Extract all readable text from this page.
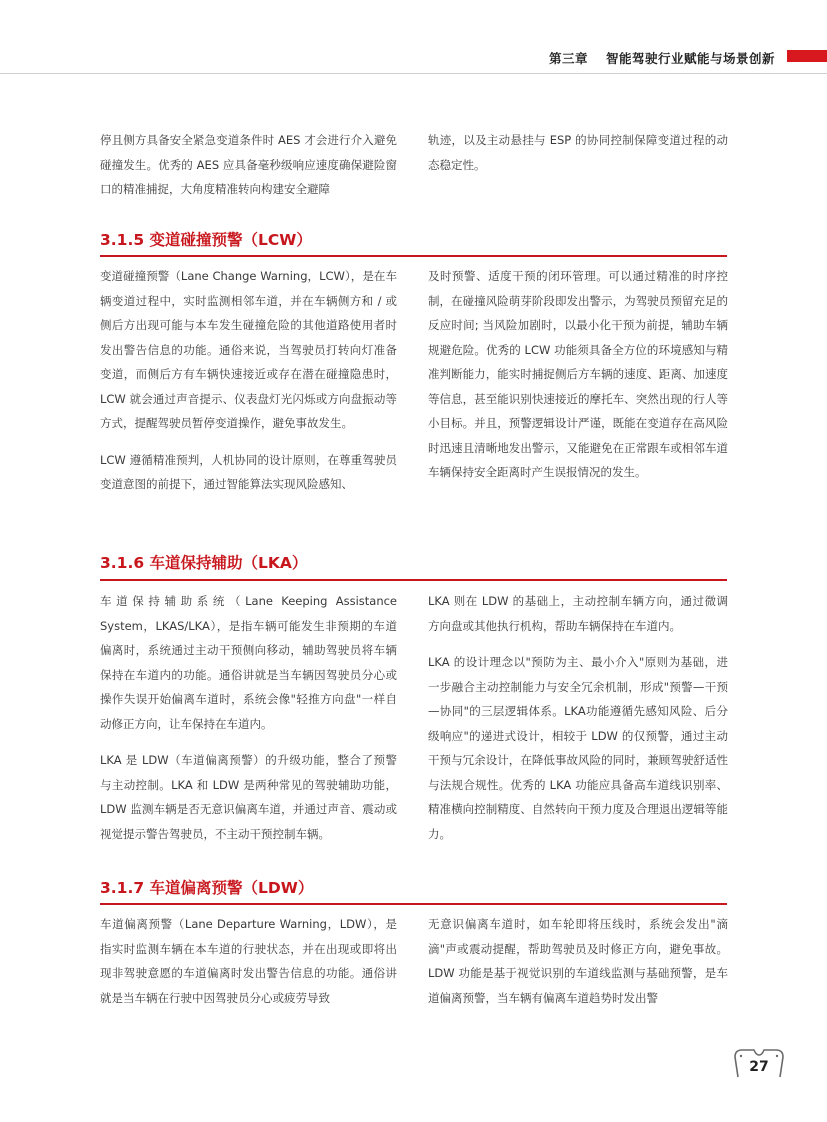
第三章 智能驾驶行业赋能与场景创新

停且侧方具备安全紧急变道条件时 AES 才会进行介入避免碰撞发生。优秀的 AES 应具备毫秒级响应速度确保避险窗口的精准捕捉，大角度精准转向构建安全避障

轨迹，以及主动悬挂与 ESP 的协同控制保障变道过程的动态稳定性。

3.1.5 变道碰撞预警（LCW）

变道碰撞预警（Lane Change Warning，LCW），是在车辆变道过程中，实时监测相邻车道，并在车辆侧方和 / 或侧后方出现可能与本车发生碰撞危险的其他道路使用者时发出警告信息的功能。通俗来说，当驾驶员打转向灯准备变道，而侧后方有车辆快速接近或存在潜在碰撞隐患时，LCW 就会通过声音提示、仪表盘灯光闪烁或方向盘振动等方式，提醒驾驶员暂停变道操作，避免事故发生。

LCW 遵循精准预判，人机协同的设计原则，在尊重驾驶员变道意图的前提下，通过智能算法实现风险感知、

及时预警、适度干预的闭环管理。可以通过精准的时序控制，在碰撞风险萌芽阶段即发出警示，为驾驶员预留充足的反应时间; 当风险加剧时，以最小化干预为前提，辅助车辆规避危险。优秀的 LCW 功能须具备全方位的环境感知与精准判断能力，能实时捕捉侧后方车辆的速度、距离、加速度等信息，甚至能识别快速接近的摩托车、突然出现的行人等小目标。并且，预警逻辑设计严谨，既能在变道存在高风险时迅速且清晰地发出警示，又能避免在正常跟车或相邻车道车辆保持安全距离时产生误报情况的发生。

3.1.6 车道保持辅助（LKA）

车道保持辅助系统（Lane Keeping Assistance System，LKAS/LKA），是指车辆可能发生非预期的车道偏离时，系统通过主动干预侧向移动，辅助驾驶员将车辆保持在车道内的功能。通俗讲就是当车辆因驾驶员分心或操作失误开始偏离车道时，系统会像"轻推方向盘"一样自动修正方向，让车保持在车道内。

LKA 是 LDW（车道偏离预警）的升级功能，整合了预警与主动控制。LKA 和 LDW 是两种常见的驾驶辅助功能，LDW 监测车辆是否无意识偏离车道，并通过声音、震动或视觉提示警告驾驶员，不主动干预控制车辆。

LKA 则在 LDW 的基础上，主动控制车辆方向，通过微调方向盘或其他执行机构，帮助车辆保持在车道内。

LKA 的设计理念以"预防为主、最小介入"原则为基础，进一步融合主动控制能力与安全冗余机制，形成"预警—干预—协同"的三层逻辑体系。LKA功能遵循先感知风险、后分级响应"的递进式设计，相较于 LDW 的仅预警，通过主动干预与冗余设计，在降低事故风险的同时，兼顾驾驶舒适性与法规合规性。优秀的 LKA 功能应具备高车道线识别率、精准横向控制精度、自然转向干预力度及合理退出逻辑等能力。

3.1.7 车道偏离预警（LDW）

车道偏离预警（Lane Departure Warning，LDW），是指实时监测车辆在本车道的行驶状态，并在出现或即将出现非驾驶意愿的车道偏离时发出警告信息的功能。通俗讲就是当车辆在行驶中因驾驶员分心或疲劳导致

无意识偏离车道时，如车轮即将压线时，系统会发出"滴滴"声或震动提醒，帮助驾驶员及时修正方向，避免事故。LDW 功能是基于视觉识别的车道线监测与基础预警，是车道偏离预警，当车辆有偏离车道趋势时发出警

27
